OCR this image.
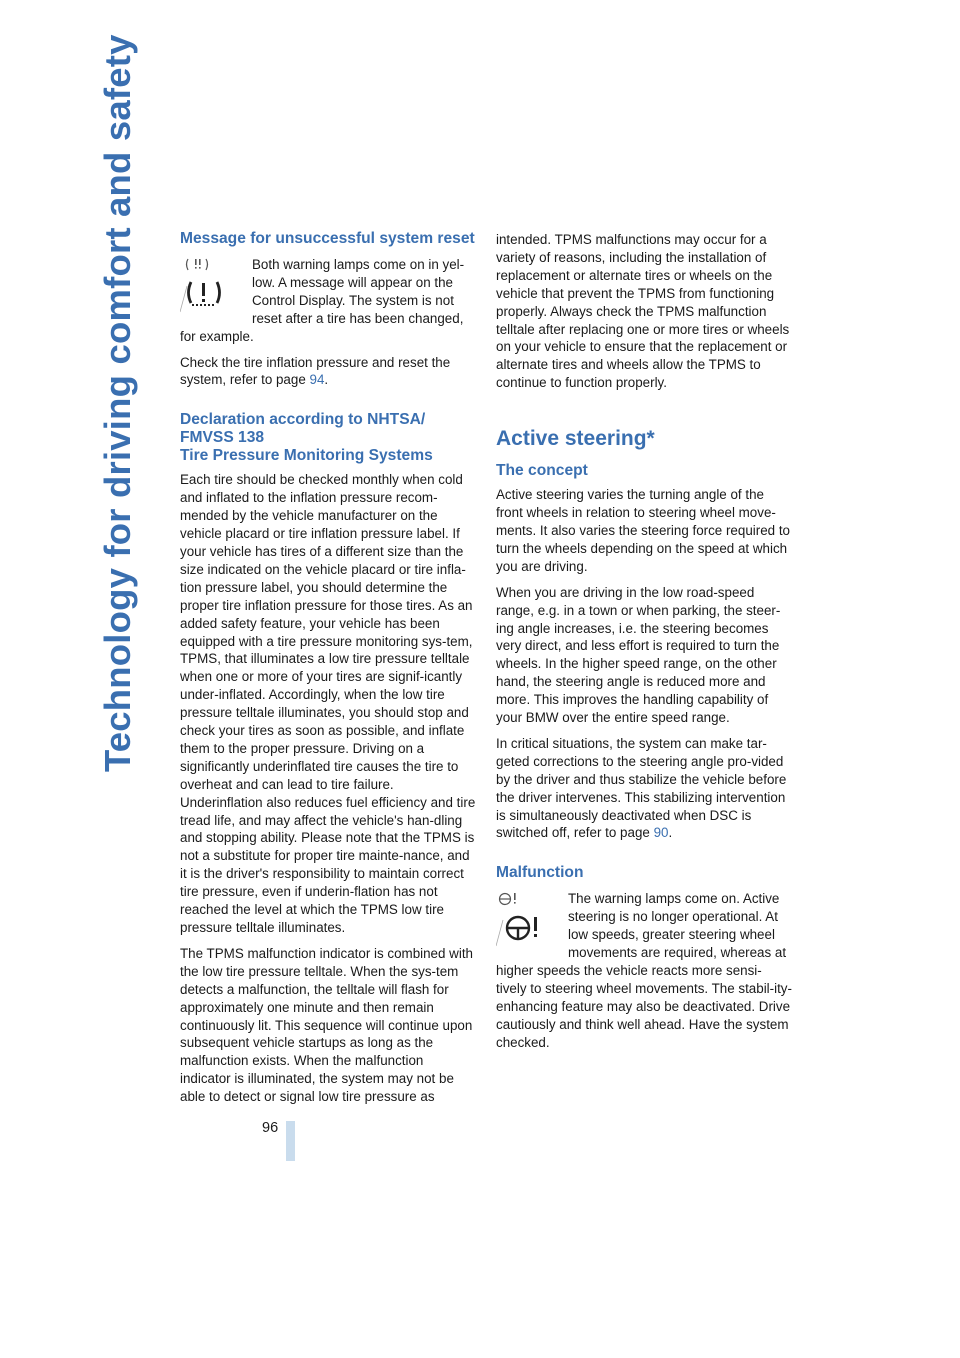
Technology for driving comfort and safety	Message for unsuccessful system reset

Both warning lamps come on in yel-low. A message will appear on the Control Display. The system is not reset after a tire has been changed, for example.

Check the tire inflation pressure and reset the system, refer to page 94.

Declaration according to NHTSA/ FMVSS 138
Tire Pressure Monitoring Systems

Each tire should be checked monthly when cold and inflated to the inflation pressure recom-mended by the vehicle manufacturer on the vehicle placard or tire inflation pressure label. If your vehicle has tires of a different size than the size indicated on the vehicle placard or tire infla-tion pressure label, you should determine the proper tire inflation pressure for those tires. As an added safety feature, your vehicle has been equipped with a tire pressure monitoring sys-tem, TPMS, that illuminates a low tire pressure telltale when one or more of your tires are signif-icantly under-inflated. Accordingly, when the low tire pressure telltale illuminates, you should stop and check your tires as soon as possible, and inflate them to the proper pressure. Driving on a significantly underinflated tire causes the tire to overheat and can lead to tire failure. Underinflation also reduces fuel efficiency and tire tread life, and may affect the vehicle's han-dling and stopping ability. Please note that the TPMS is not a substitute for proper tire mainte-nance, and it is the driver's responsibility to maintain correct tire pressure, even if underin-flation has not reached the level at which the TPMS low tire pressure telltale illuminates.

The TPMS malfunction indicator is combined with the low tire pressure telltale. When the sys-tem detects a malfunction, the telltale will flash for approximately one minute and then remain continuously lit. This sequence will continue upon subsequent vehicle startups as long as the malfunction exists. When the malfunction indicator is illuminated, the system may not be able to detect or signal low tire pressure as

intended. TPMS malfunctions may occur for a variety of reasons, including the installation of replacement or alternate tires or wheels on the vehicle that prevent the TPMS from functioning properly. Always check the TPMS malfunction telltale after replacing one or more tires or wheels on your vehicle to ensure that the replacement or alternate tires and wheels allow the TPMS to continue to function properly.

Active steering*
The concept

Active steering varies the turning angle of the front wheels in relation to steering wheel move-ments. It also varies the steering force required to turn the wheels depending on the speed at which you are driving.

When you are driving in the low road-speed range, e.g. in a town or when parking, the steer-ing angle increases, i.e. the steering becomes very direct, and less effort is required to turn the wheels. In the higher speed range, on the other hand, the steering angle is reduced more and more. This improves the handling capability of your BMW over the entire speed range.

In critical situations, the system can make tar-geted corrections to the steering angle pro-vided by the driver and thus stabilize the vehicle before the driver intervenes. This stabilizing intervention is simultaneously deactivated when DSC is switched off, refer to page 90.

Malfunction

The warning lamps come on. Active steering is no longer operational. At low speeds, greater steering wheel movements are required, whereas at higher speeds the vehicle reacts more sensi-tively to steering wheel movements. The stabil-ity-enhancing feature may also be deactivated. Drive cautiously and think well ahead. Have the system checked.

96
